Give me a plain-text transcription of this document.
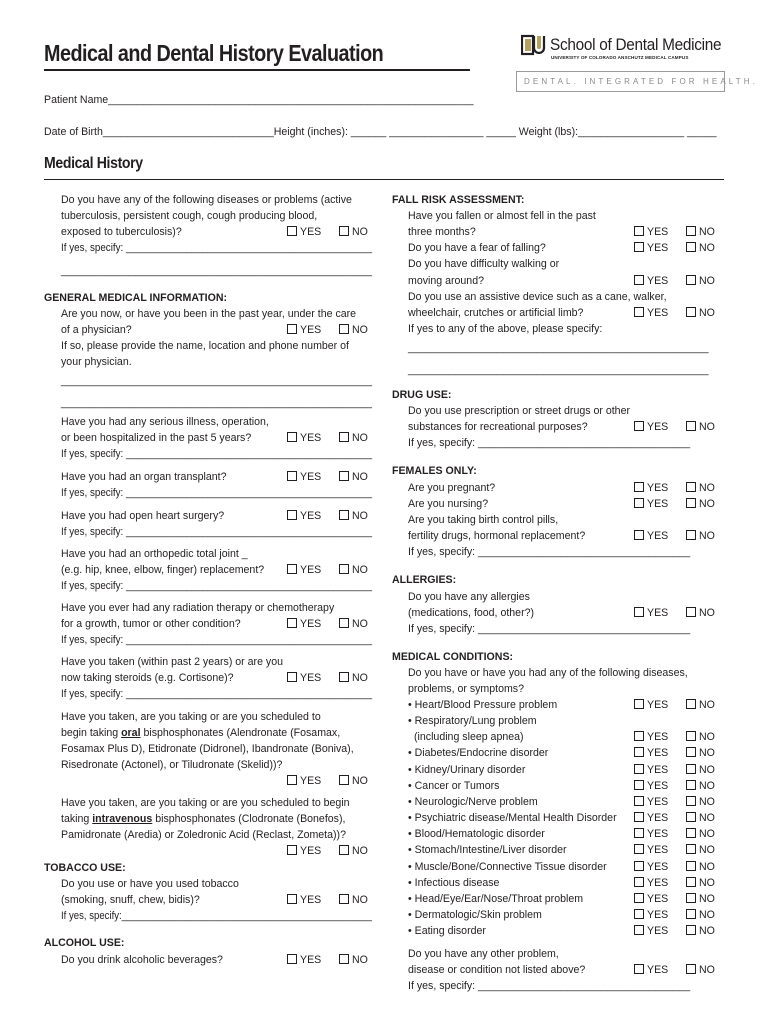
Medical and Dental History Evaluation	School of Dental Medicine
UNIVERSITY OF COLORADO ANSCHUTZ MEDICAL CAMPUS
DENTAL. INTEGRATED FOR HEALTH.
Patient Name______________________________________________________________
Date of Birth_____________________________Height (inches): ______ ________________ _____ Weight (lbs):__________________ _____
Medical History
Do you have any of the following diseases or problems (active
tuberculosis, persistent cough, cough producing blood,
exposed to tuberculosis)?	YES	NO
If yes, specify: _____________________________________________
_______________________________________________________
GENERAL MEDICAL INFORMATION:
Are you now, or have you been in the past year, under the care
of a physician?	YES	NO
If so, please provide the name, location and phone number of
your physician.
_______________________________________________________
_______________________________________________________
Have you had any serious illness, operation,
or been hospitalized in the past 5 years?	YES	NO
If yes, specify: _____________________________________________
Have you had an organ transplant?	YES	NO
If yes, specify: _____________________________________________
Have you had open heart surgery?	YES	NO
If yes, specify: _____________________________________________
Have you had an orthopedic total joint _
(e.g. hip, knee, elbow, finger) replacement?	YES	NO
If yes, specify: _____________________________________________
Have you ever had any radiation therapy or chemotherapy
for a growth, tumor or other condition?	YES	NO
If yes, specify: _____________________________________________
Have you taken (within past 2 years) or are you
now taking steroids (e.g. Cortisone)?	YES	NO
If yes, specify: _____________________________________________
Have you taken, are you taking or are you scheduled to
begin taking oral bisphosphonates (Alendronate (Fosamax,
Fosamax Plus D), Etidronate (Didronel), Ibandronate (Boniva),
Risedronate (Actonel), or Tiludronate (Skelid))?
YES	NO
Have you taken, are you taking or are you scheduled to begin
taking intravenous bisphosphonates (Clodronate (Bonefos),
Pamidronate (Aredia) or Zoledronic Acid (Reclast, Zometa))?
YES	NO
TOBACCO USE:
Do you use or have you used tobacco
(smoking, snuff, chew, bidis)?	YES	NO
If yes, specify:_______________________________________________
ALCOHOL USE:
Do you drink alcoholic beverages?	YES	NO
FALL RISK ASSESSMENT:
Have you fallen or almost fell in the past
three months?	YES	NO
Do you have a fear of falling?	YES	NO
Do you have difficulty walking or
moving around?	YES	NO
Do you use an assistive device such as a cane, walker,
wheelchair, crutches or artificial limb?	YES	NO
If yes to any of the above, please specify:
___________________________________________________
___________________________________________________
DRUG USE:
Do you use prescription or street drugs or other
substances for recreational purposes?	YES	NO
If yes, specify: ____________________________________
FEMALES ONLY:
Are you pregnant?	YES	NO
Are you nursing?	YES	NO
Are you taking birth control pills,
fertility drugs, hormonal replacement?	YES	NO
If yes, specify: ____________________________________
ALLERGIES:
Do you have any allergies
(medications, food, other?)	YES	NO
If yes, specify: ____________________________________
MEDICAL CONDITIONS:
Do you have or have you had any of the following diseases,
problems, or symptoms?
• Heart/Blood Pressure problem	YES	NO
• Respiratory/Lung problem
(including sleep apnea)	YES	NO
• Diabetes/Endocrine disorder	YES	NO
• Kidney/Urinary disorder	YES	NO
• Cancer or Tumors	YES	NO
• Neurologic/Nerve problem	YES	NO
• Psychiatric disease/Mental Health Disorder	YES	NO
• Blood/Hematologic disorder	YES	NO
• Stomach/Intestine/Liver disorder	YES	NO
• Muscle/Bone/Connective Tissue disorder	YES	NO
• Infectious disease	YES	NO
• Head/Eye/Ear/Nose/Throat problem	YES	NO
• Dermatologic/Skin problem	YES	NO
• Eating disorder	YES	NO
Do you have any other problem,
disease or condition not listed above?	YES	NO
If yes, specify: ____________________________________
